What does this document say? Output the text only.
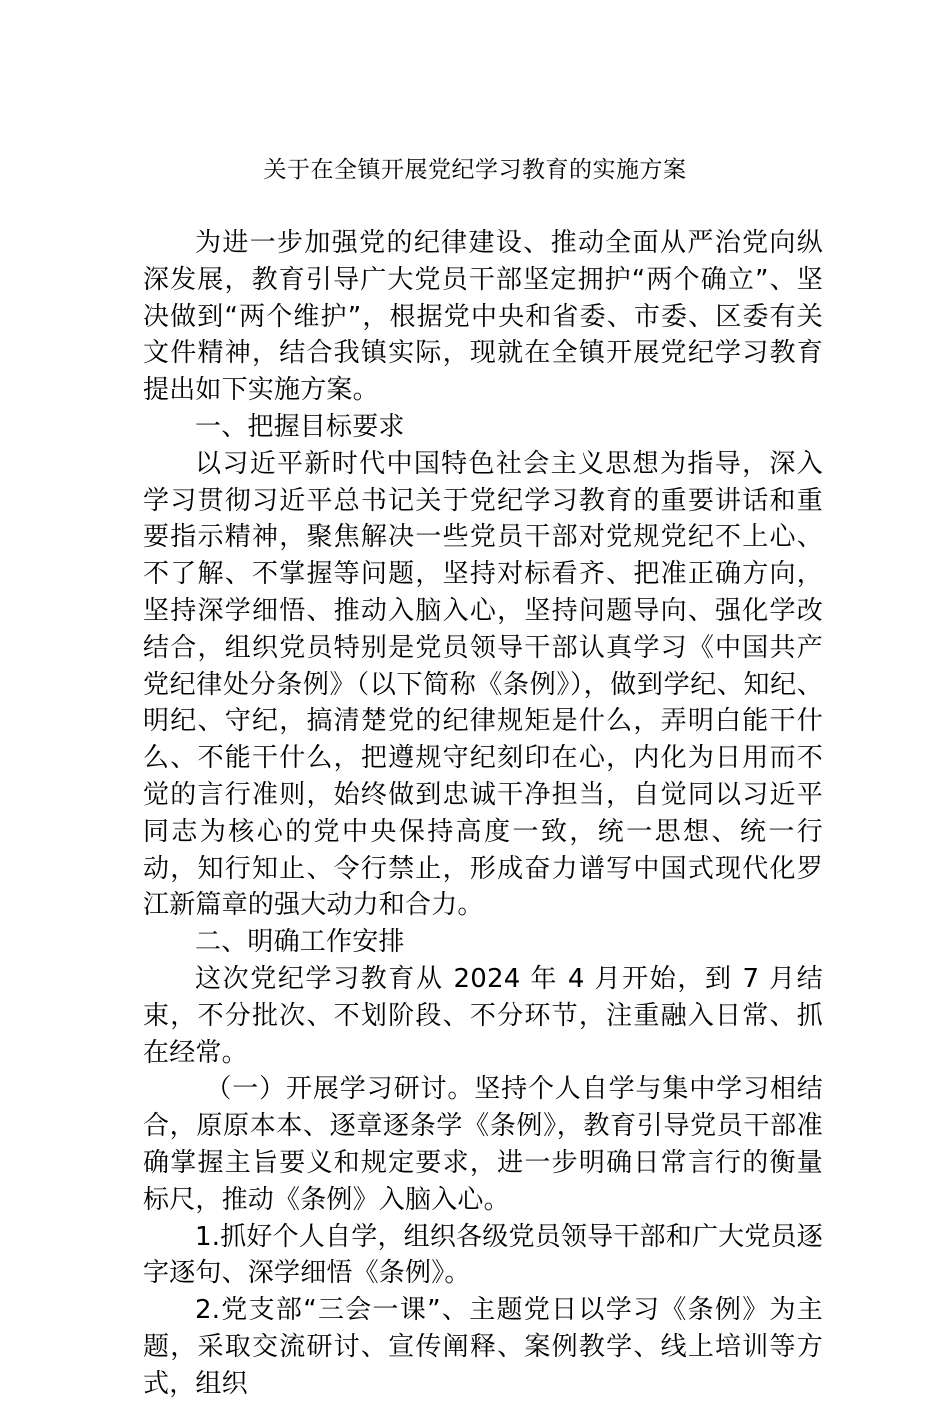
关于在全镇开展党纪学习教育的实施方案

为进一步加强党的纪律建设、推动全面从严治党向纵深发展，教育引导广大党员干部坚定拥护“两个确立”、坚决做到“两个维护”，根据党中央和省委、市委、区委有关文件精神，结合我镇实际，现就在全镇开展党纪学习教育提出如下实施方案。

一、把握目标要求

以习近平新时代中国特色社会主义思想为指导，深入学习贯彻习近平总书记关于党纪学习教育的重要讲话和重要指示精神，聚焦解决一些党员干部对党规党纪不上心、不了解、不掌握等问题，坚持对标看齐、把准正确方向，坚持深学细悟、推动入脑入心，坚持问题导向、强化学改结合，组织党员特别是党员领导干部认真学习《中国共产党纪律处分条例》（以下简称《条例》），做到学纪、知纪、明纪、守纪，搞清楚党的纪律规矩是什么，弄明白能干什么、不能干什么，把遵规守纪刻印在心，内化为日用而不觉的言行准则，始终做到忠诚干净担当，自觉同以习近平同志为核心的党中央保持高度一致，统一思想、统一行动，知行知止、令行禁止，形成奋力谱写中国式现代化罗江新篇章的强大动力和合力。

二、明确工作安排

这次党纪学习教育从 2024 年 4 月开始，到 7 月结束，不分批次、不划阶段、不分环节，注重融入日常、抓在经常。

（一）开展学习研讨。坚持个人自学与集中学习相结合，原原本本、逐章逐条学《条例》，教育引导党员干部准确掌握主旨要义和规定要求，进一步明确日常言行的衡量标尺，推动《条例》入脑入心。

1.抓好个人自学，组织各级党员领导干部和广大党员逐字逐句、深学细悟《条例》。

2.党支部“三会一课”、主题党日以学习《条例》为主题，采取交流研讨、宣传阐释、案例教学、线上培训等方式，组织
